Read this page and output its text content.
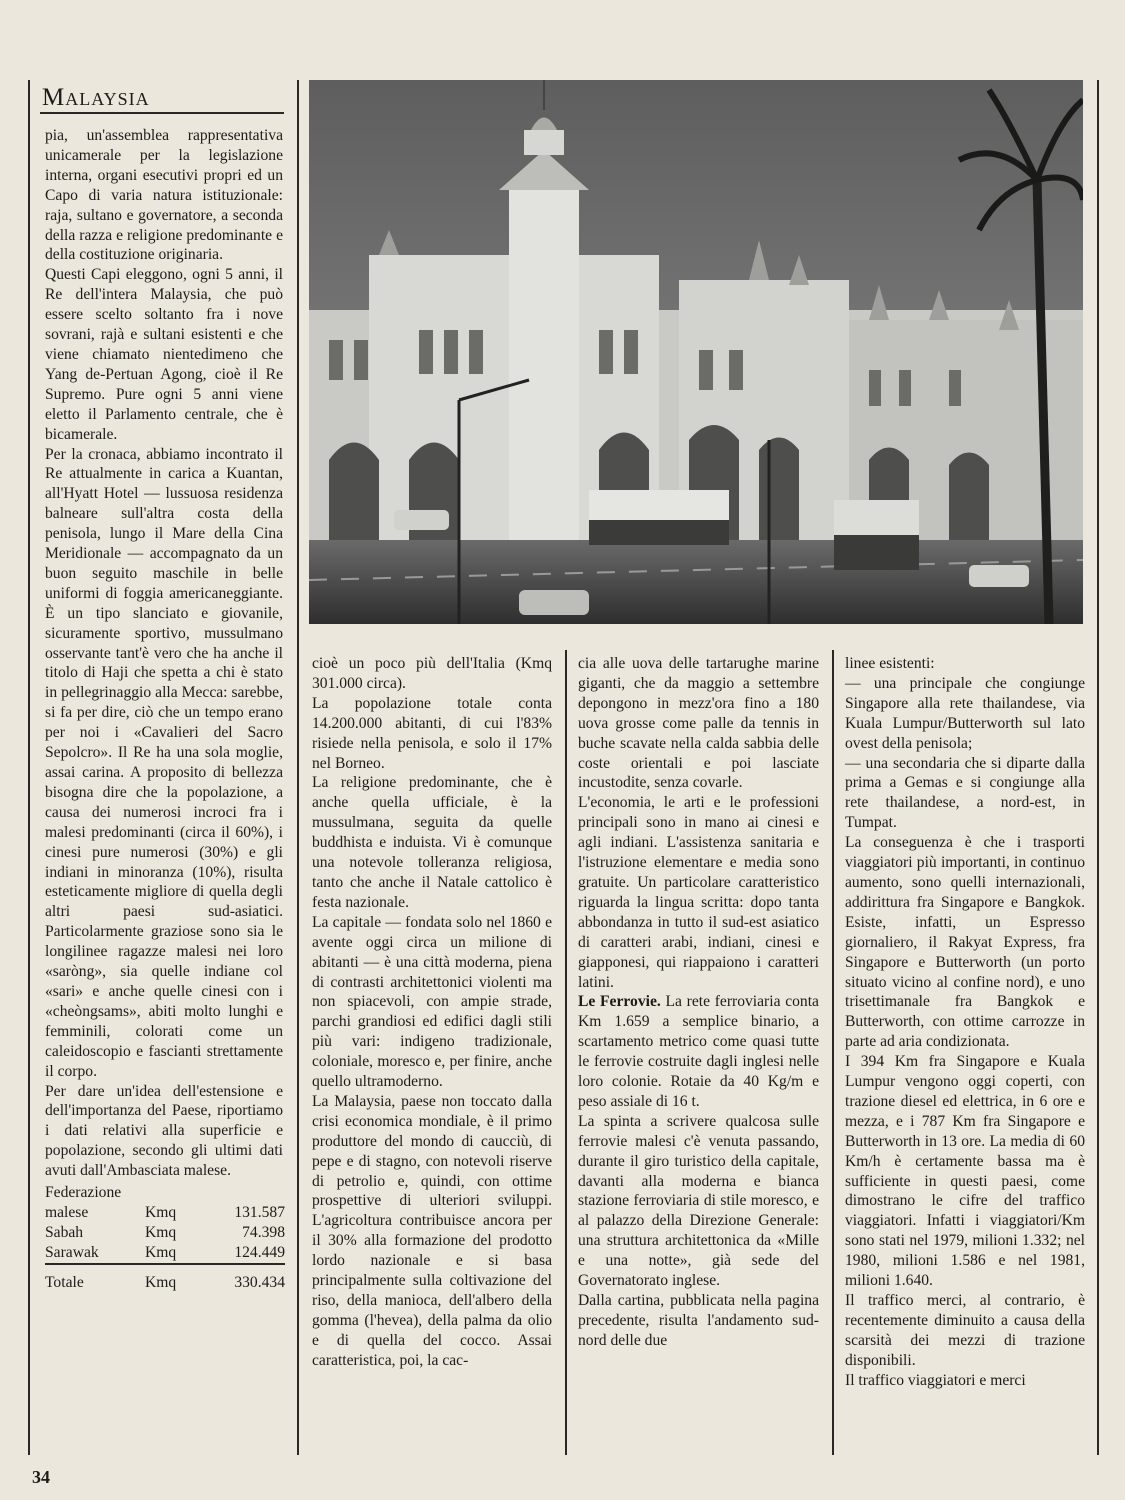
Malaysia

pia, un'assemblea rappresentativa unicamerale per la legislazione interna, organi esecutivi propri ed un Capo di varia natura istituzionale: raja, sultano e governatore, a seconda della razza e religione predominante e della costituzione originaria.

Questi Capi eleggono, ogni 5 anni, il Re dell'intera Malaysia, che può essere scelto soltanto fra i nove sovrani, rajà e sultani esistenti e che viene chiamato nientedimeno che Yang de-Pertuan Agong, cioè il Re Supremo. Pure ogni 5 anni viene eletto il Parlamento centrale, che è bicamerale.

Per la cronaca, abbiamo incontrato il Re attualmente in carica a Kuantan, all'Hyatt Hotel — lussuosa residenza balneare sull'altra costa della penisola, lungo il Mare della Cina Meridionale — accompagnato da un buon seguito maschile in belle uniformi di foggia americaneggiante. È un tipo slanciato e giovanile, sicuramente sportivo, mussulmano osservante tant'è vero che ha anche il titolo di Haji che spetta a chi è stato in pellegrinaggio alla Mecca: sarebbe, si fa per dire, ciò che un tempo erano per noi i «Cavalieri del Sacro Sepolcro». Il Re ha una sola moglie, assai carina. A proposito di bellezza bisogna dire che la popolazione, a causa dei numerosi incroci fra i malesi predominanti (circa il 60%), i cinesi pure numerosi (30%) e gli indiani in minoranza (10%), risulta esteticamente migliore di quella degli altri paesi sud-asiatici. Particolarmente graziose sono sia le longilinee ragazze malesi nei loro «saròng», sia quelle indiane col «sari» e anche quelle cinesi con i «cheòngsams», abiti molto lunghi e femminili, colorati come un caleidoscopio e fascianti strettamente il corpo.

Per dare un'idea dell'estensione e dell'importanza del Paese, riportiamo i dati relativi alla superficie e popolazione, secondo gli ultimi dati avuti dall'Ambasciata malese.

Federazione		
malese	Kmq	131.587
Sabah	Kmq	74.398
Sarawak	Kmq	124.449
Totale	Kmq	330.434

cioè un poco più dell'Italia (Kmq 301.000 circa).

La popolazione totale conta 14.200.000 abitanti, di cui l'83% risiede nella penisola, e solo il 17% nel Borneo.

La religione predominante, che è anche quella ufficiale, è la mussulmana, seguita da quelle buddhista e induista. Vi è comunque una notevole tolleranza religiosa, tanto che anche il Natale cattolico è festa nazionale.

La capitale — fondata solo nel 1860 e avente oggi circa un milione di abitanti — è una città moderna, piena di contrasti architettonici violenti ma non spiacevoli, con ampie strade, parchi grandiosi ed edifici dagli stili più vari: indigeno tradizionale, coloniale, moresco e, per finire, anche quello ultramoderno.

La Malaysia, paese non toccato dalla crisi economica mondiale, è il primo produttore del mondo di caucciù, di pepe e di stagno, con notevoli riserve di petrolio e, quindi, con ottime prospettive di ulteriori sviluppi. L'agricoltura contribuisce ancora per il 30% alla formazione del prodotto lordo nazionale e si basa principalmente sulla coltivazione del riso, della manioca, dell'albero della gomma (l'hevea), della palma da olio e di quella del cocco. Assai caratteristica, poi, la cac-

cia alle uova delle tartarughe marine giganti, che da maggio a settembre depongono in mezz'ora fino a 180 uova grosse come palle da tennis in buche scavate nella calda sabbia delle coste orientali e poi lasciate incustodite, senza covarle.

L'economia, le arti e le professioni principali sono in mano ai cinesi e agli indiani. L'assistenza sanitaria e l'istruzione elementare e media sono gratuite. Un particolare caratteristico riguarda la lingua scritta: dopo tanta abbondanza in tutto il sud-est asiatico di caratteri arabi, indiani, cinesi e giapponesi, qui riappaiono i caratteri latini.

Le Ferrovie. La rete ferroviaria conta Km 1.659 a semplice binario, a scartamento metrico come quasi tutte le ferrovie costruite dagli inglesi nelle loro colonie. Rotaie da 40 Kg/m e peso assiale di 16 t.

La spinta a scrivere qualcosa sulle ferrovie malesi c'è venuta passando, durante il giro turistico della capitale, davanti alla moderna e bianca stazione ferroviaria di stile moresco, e al palazzo della Direzione Generale: una struttura architettonica da «Mille e una notte», già sede del Governatorato inglese.

Dalla cartina, pubblicata nella pagina precedente, risulta l'andamento sud-nord delle due

linee esistenti:

— una principale che congiunge Singapore alla rete thailandese, via Kuala Lumpur/Butterworth sul lato ovest della penisola;

— una secondaria che si diparte dalla prima a Gemas e si congiunge alla rete thailandese, a nord-est, in Tumpat.

La conseguenza è che i trasporti viaggiatori più importanti, in continuo aumento, sono quelli internazionali, addirittura fra Singapore e Bangkok. Esiste, infatti, un Espresso giornaliero, il Rakyat Express, fra Singapore e Butterworth (un porto situato vicino al confine nord), e uno trisettimanale fra Bangkok e Butterworth, con ottime carrozze in parte ad aria condizionata.

I 394 Km fra Singapore e Kuala Lumpur vengono oggi coperti, con trazione diesel ed elettrica, in 6 ore e mezza, e i 787 Km fra Singapore e Butterworth in 13 ore. La media di 60 Km/h è certamente bassa ma è sufficiente in questi paesi, come dimostrano le cifre del traffico viaggiatori. Infatti i viaggiatori/Km sono stati nel 1979, milioni 1.332; nel 1980, milioni 1.586 e nel 1981, milioni 1.640.

Il traffico merci, al contrario, è recentemente diminuito a causa della scarsità dei mezzi di trazione disponibili.

Il traffico viaggiatori e merci

34
